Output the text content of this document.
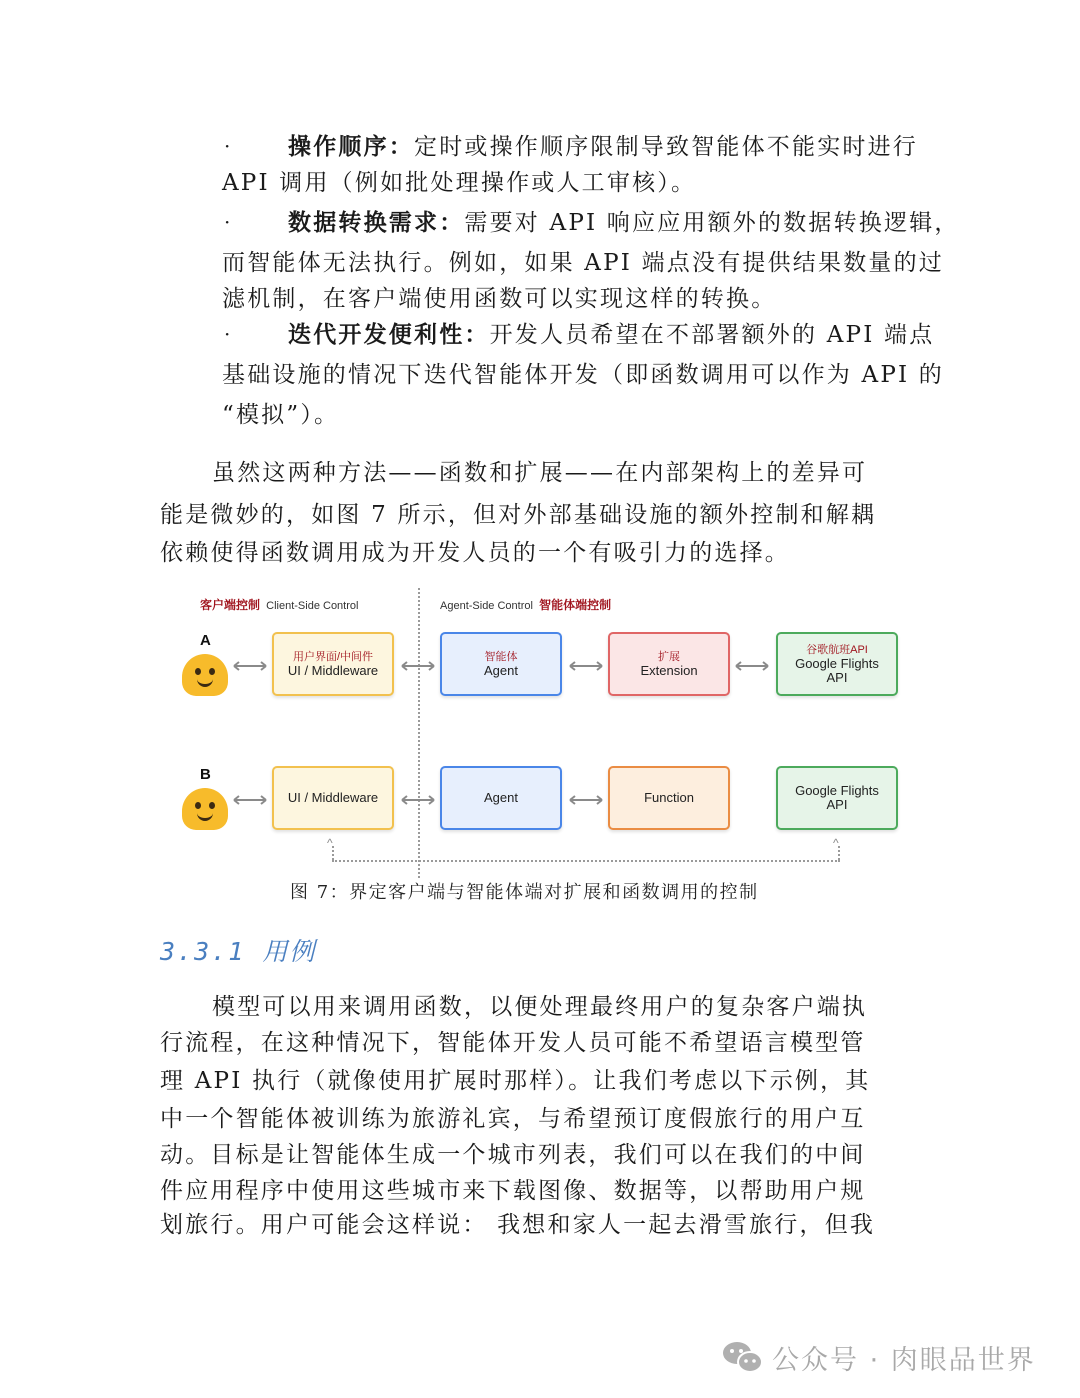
·	操作顺序：定时或操作顺序限制导致智能体不能实时进行
API 调用（例如批处理操作或人工审核）。
·	数据转换需求：需要对 API 响应应用额外的数据转换逻辑，
而智能体无法执行。例如，如果 API 端点没有提供结果数量的过
滤机制，在客户端使用函数可以实现这样的转换。
·	迭代开发便利性：开发人员希望在不部署额外的 API 端点
基础设施的情况下迭代智能体开发（即函数调用可以作为 API 的
“模拟”）。
虽然这两种方法——函数和扩展——在内部架构上的差异可
能是微妙的，如图 7 所示，但对外部基础设施的额外控制和解耦
依赖使得函数调用成为开发人员的一个有吸引力的选择。
客户端控制 Client-Side Control	Agent-Side Control 智能体端控制
A
用户界面/中间件
UI / Middleware
智能体
Agent
扩展
Extension
谷歌航班API
Google Flights API
B
UI / Middleware	Agent	Function	Google Flights API
^	^
图 7：界定客户端与智能体端对扩展和函数调用的控制
3.3.1 用例
模型可以用来调用函数，以便处理最终用户的复杂客户端执
行流程，在这种情况下，智能体开发人员可能不希望语言模型管
理 API 执行（就像使用扩展时那样）。让我们考虑以下示例，其
中一个智能体被训练为旅游礼宾，与希望预订度假旅行的用户互
动。目标是让智能体生成一个城市列表，我们可以在我们的中间
件应用程序中使用这些城市来下载图像、数据等，以帮助用户规
划旅行。用户可能会这样说： 我想和家人一起去滑雪旅行，但我
公众号 · 肉眼品世界
